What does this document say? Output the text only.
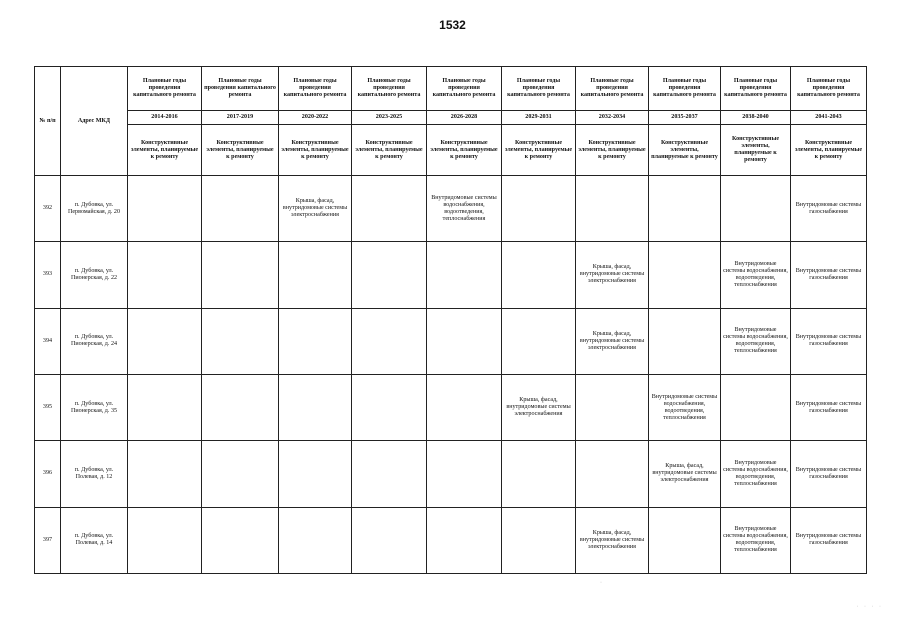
1532
№ п/п	Адрес МКД	Плановые годы проведения капитального ремонта	Плановые годы проведения капитального ремонта	Плановые годы проведения капитального ремонта	Плановые годы проведения капитального ремонта	Плановые годы проведения капитального ремонта	Плановые годы проведения капитального ремонта	Плановые годы проведения капитального ремонта	Плановые годы проведения капитального ремонта	Плановые годы проведения капитального ремонта	Плановые годы проведения капитального ремонта
		2014-2016	2017-2019	2020-2022	2023-2025	2026-2028	2029-2031	2032-2034	2035-2037	2038-2040	2041-2043
		Конструктивные элементы, планируемые к ремонту	Конструктивные элементы, планируемые к ремонту	Конструктивные элементы, планируемые к ремонту	Конструктивные элементы, планируемые к ремонту	Конструктивные элементы, планируемые к ремонту	Конструктивные элементы, планируемые к ремонту	Конструктивные элементы, планируемые к ремонту	Конструктивные элементы, планируемые к ремонту	Конструктивные элементы, планируемые к ремонту	Конструктивные элементы, планируемые к ремонту
392	п. Дубовка, ул. Первомайская, д. 20			Крыша, фасад, внутридомовые системы электроснабжения		Внутридомовые системы водоснабжения, водоотведения, теплоснабжения					Внутридомовые системы газоснабжения
393	п. Дубовка, ул. Пионерская, д. 22							Крыша, фасад, внутридомовые системы электроснабжения		Внутридомовые системы водоснабжения, водоотведения, теплоснабжения	Внутридомовые системы газоснабжения
394	п. Дубовка, ул. Пионерская, д. 24							Крыша, фасад, внутридомовые системы электроснабжения		Внутридомовые системы водоснабжения, водоотведения, теплоснабжения	Внутридомовые системы газоснабжения
395	п. Дубовка, ул. Пионерская, д. 35						Крыша, фасад, внутридомовые системы электроснабжения		Внутридомовые системы водоснабжения, водоотведения, теплоснабжения		Внутридомовые системы газоснабжения
396	п. Дубовка, ул. Полевая, д. 12								Крыша, фасад, внутридомовые системы электроснабжения	Внутридомовые системы водоснабжения, водоотведения, теплоснабжения	Внутридомовые системы газоснабжения
397	п. Дубовка, ул. Полевая, д. 14							Крыша, фасад, внутридомовые системы электроснабжения		Внутридомовые системы водоснабжения, водоотведения, теплоснабжения	Внутридомовые системы газоснабжения
·
· · · ·
